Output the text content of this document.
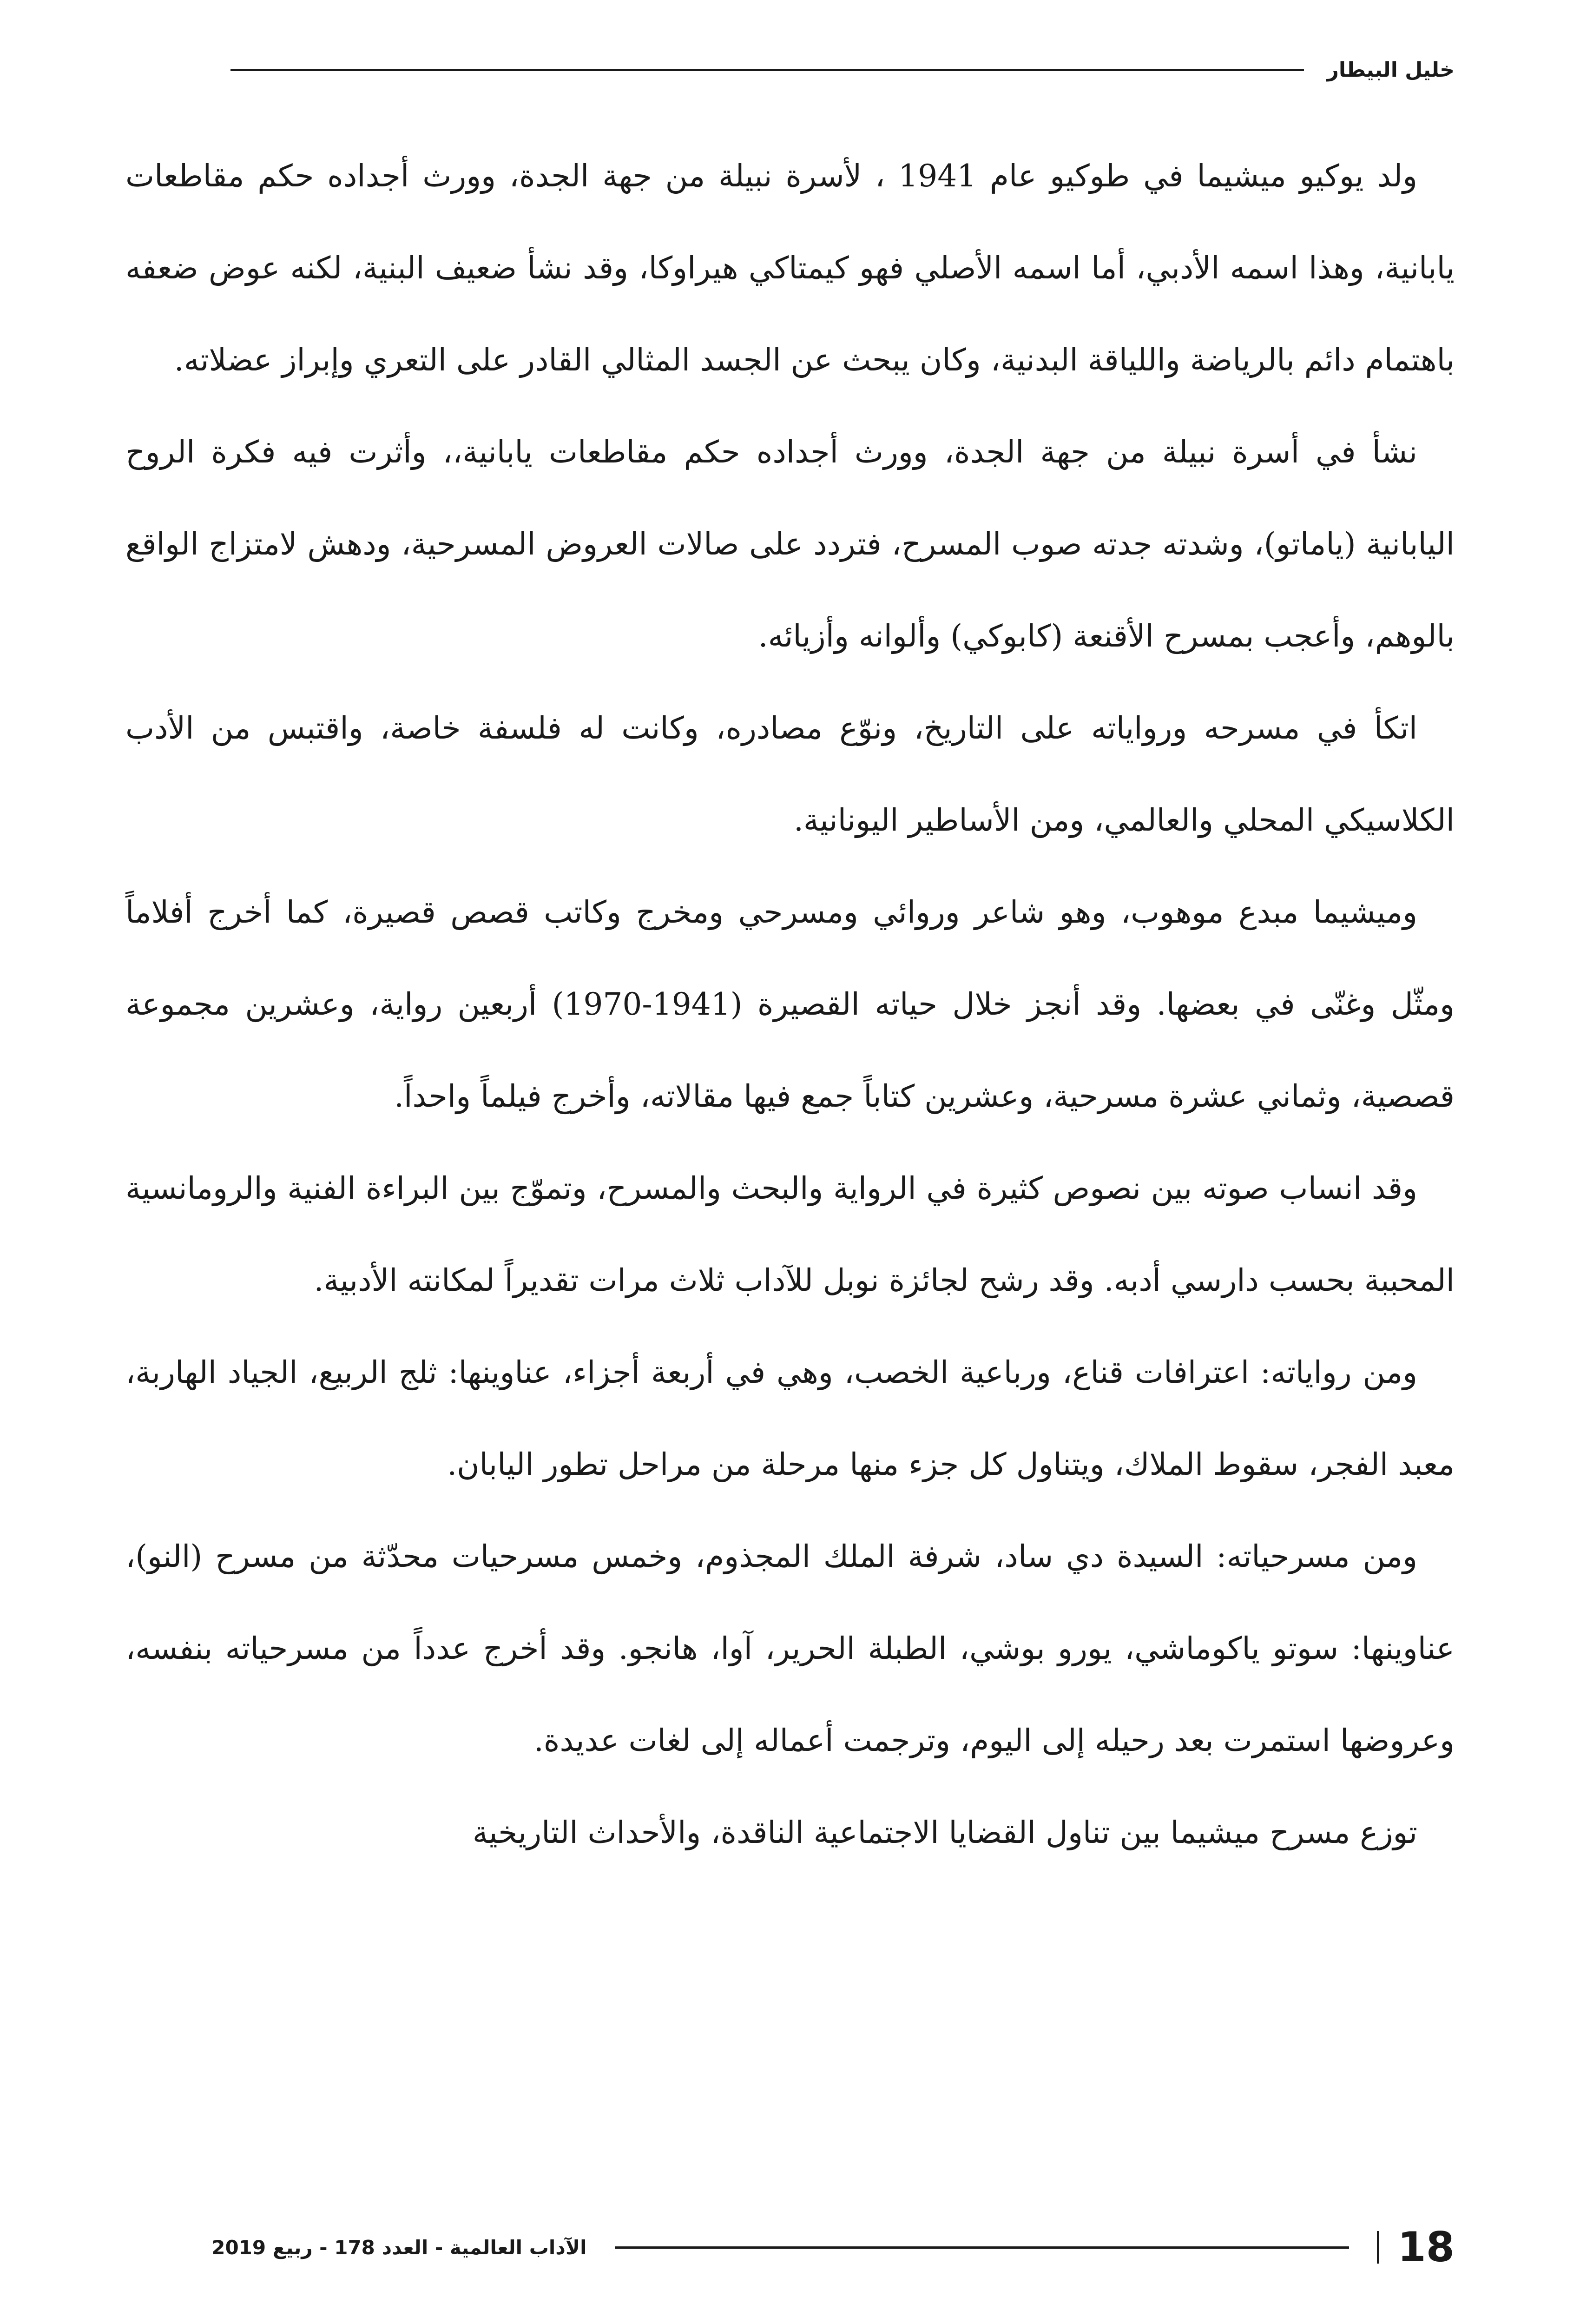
خليل البيطار

ولد يوكيو ميشيما في طوكيو عام 1941 ، لأسرة نبيلة من جهة الجدة، وورث أجداده حكم مقاطعات يابانية، وهذا اسمه الأدبي، أما اسمه الأصلي فهو كيمتاكي هيراوكا، وقد نشأ ضعيف البنية، لكنه عوض ضعفه باهتمام دائم بالرياضة واللياقة البدنية، وكان يبحث عن الجسد المثالي القادر على التعري وإبراز عضلاته.

نشأ في أسرة نبيلة من جهة الجدة، وورث أجداده حكم مقاطعات يابانية،، وأثرت فيه فكرة الروح اليابانية (ياماتو)، وشدته جدته صوب المسرح، فتردد على صالات العروض المسرحية، ودهش لامتزاج الواقع بالوهم، وأعجب بمسرح الأقنعة (كابوكي) وألوانه وأزيائه.

اتكأ في مسرحه ورواياته على التاريخ، ونوّع مصادره، وكانت له فلسفة خاصة، واقتبس من الأدب الكلاسيكي المحلي والعالمي، ومن الأساطير اليونانية.

وميشيما مبدع موهوب، وهو شاعر وروائي ومسرحي ومخرج وكاتب قصص قصيرة، كما أخرج أفلاماً ومثّل وغنّى في بعضها. وقد أنجز خلال حياته القصيرة (1941-1970) أربعين رواية، وعشرين مجموعة قصصية، وثماني عشرة مسرحية، وعشرين كتاباً جمع فيها مقالاته، وأخرج فيلماً واحداً.

وقد انساب صوته بين نصوص كثيرة في الرواية والبحث والمسرح، وتموّج بين البراءة الفنية والرومانسية المحببة بحسب دارسي أدبه. وقد رشح لجائزة نوبل للآداب ثلاث مرات تقديراً لمكانته الأدبية.

ومن رواياته: اعترافات قناع، ورباعية الخصب، وهي في أربعة أجزاء، عناوينها: ثلج الربيع، الجياد الهاربة، معبد الفجر، سقوط الملاك، ويتناول كل جزء منها مرحلة من مراحل تطور اليابان.

ومن مسرحياته: السيدة دي ساد، شرفة الملك المجذوم، وخمس مسرحيات محدّثة من مسرح (النو)، عناوينها: سوتو ياكوماشي، يورو بوشي، الطبلة الحرير، آوا، هانجو. وقد أخرج عدداً من مسرحياته بنفسه، وعروضها استمرت بعد رحيله إلى اليوم، وترجمت أعماله إلى لغات عديدة.

توزع مسرح ميشيما بين تناول القضايا الاجتماعية الناقدة، والأحداث التاريخية

18
الآداب العالمية - العدد 178 - ربيع 2019
